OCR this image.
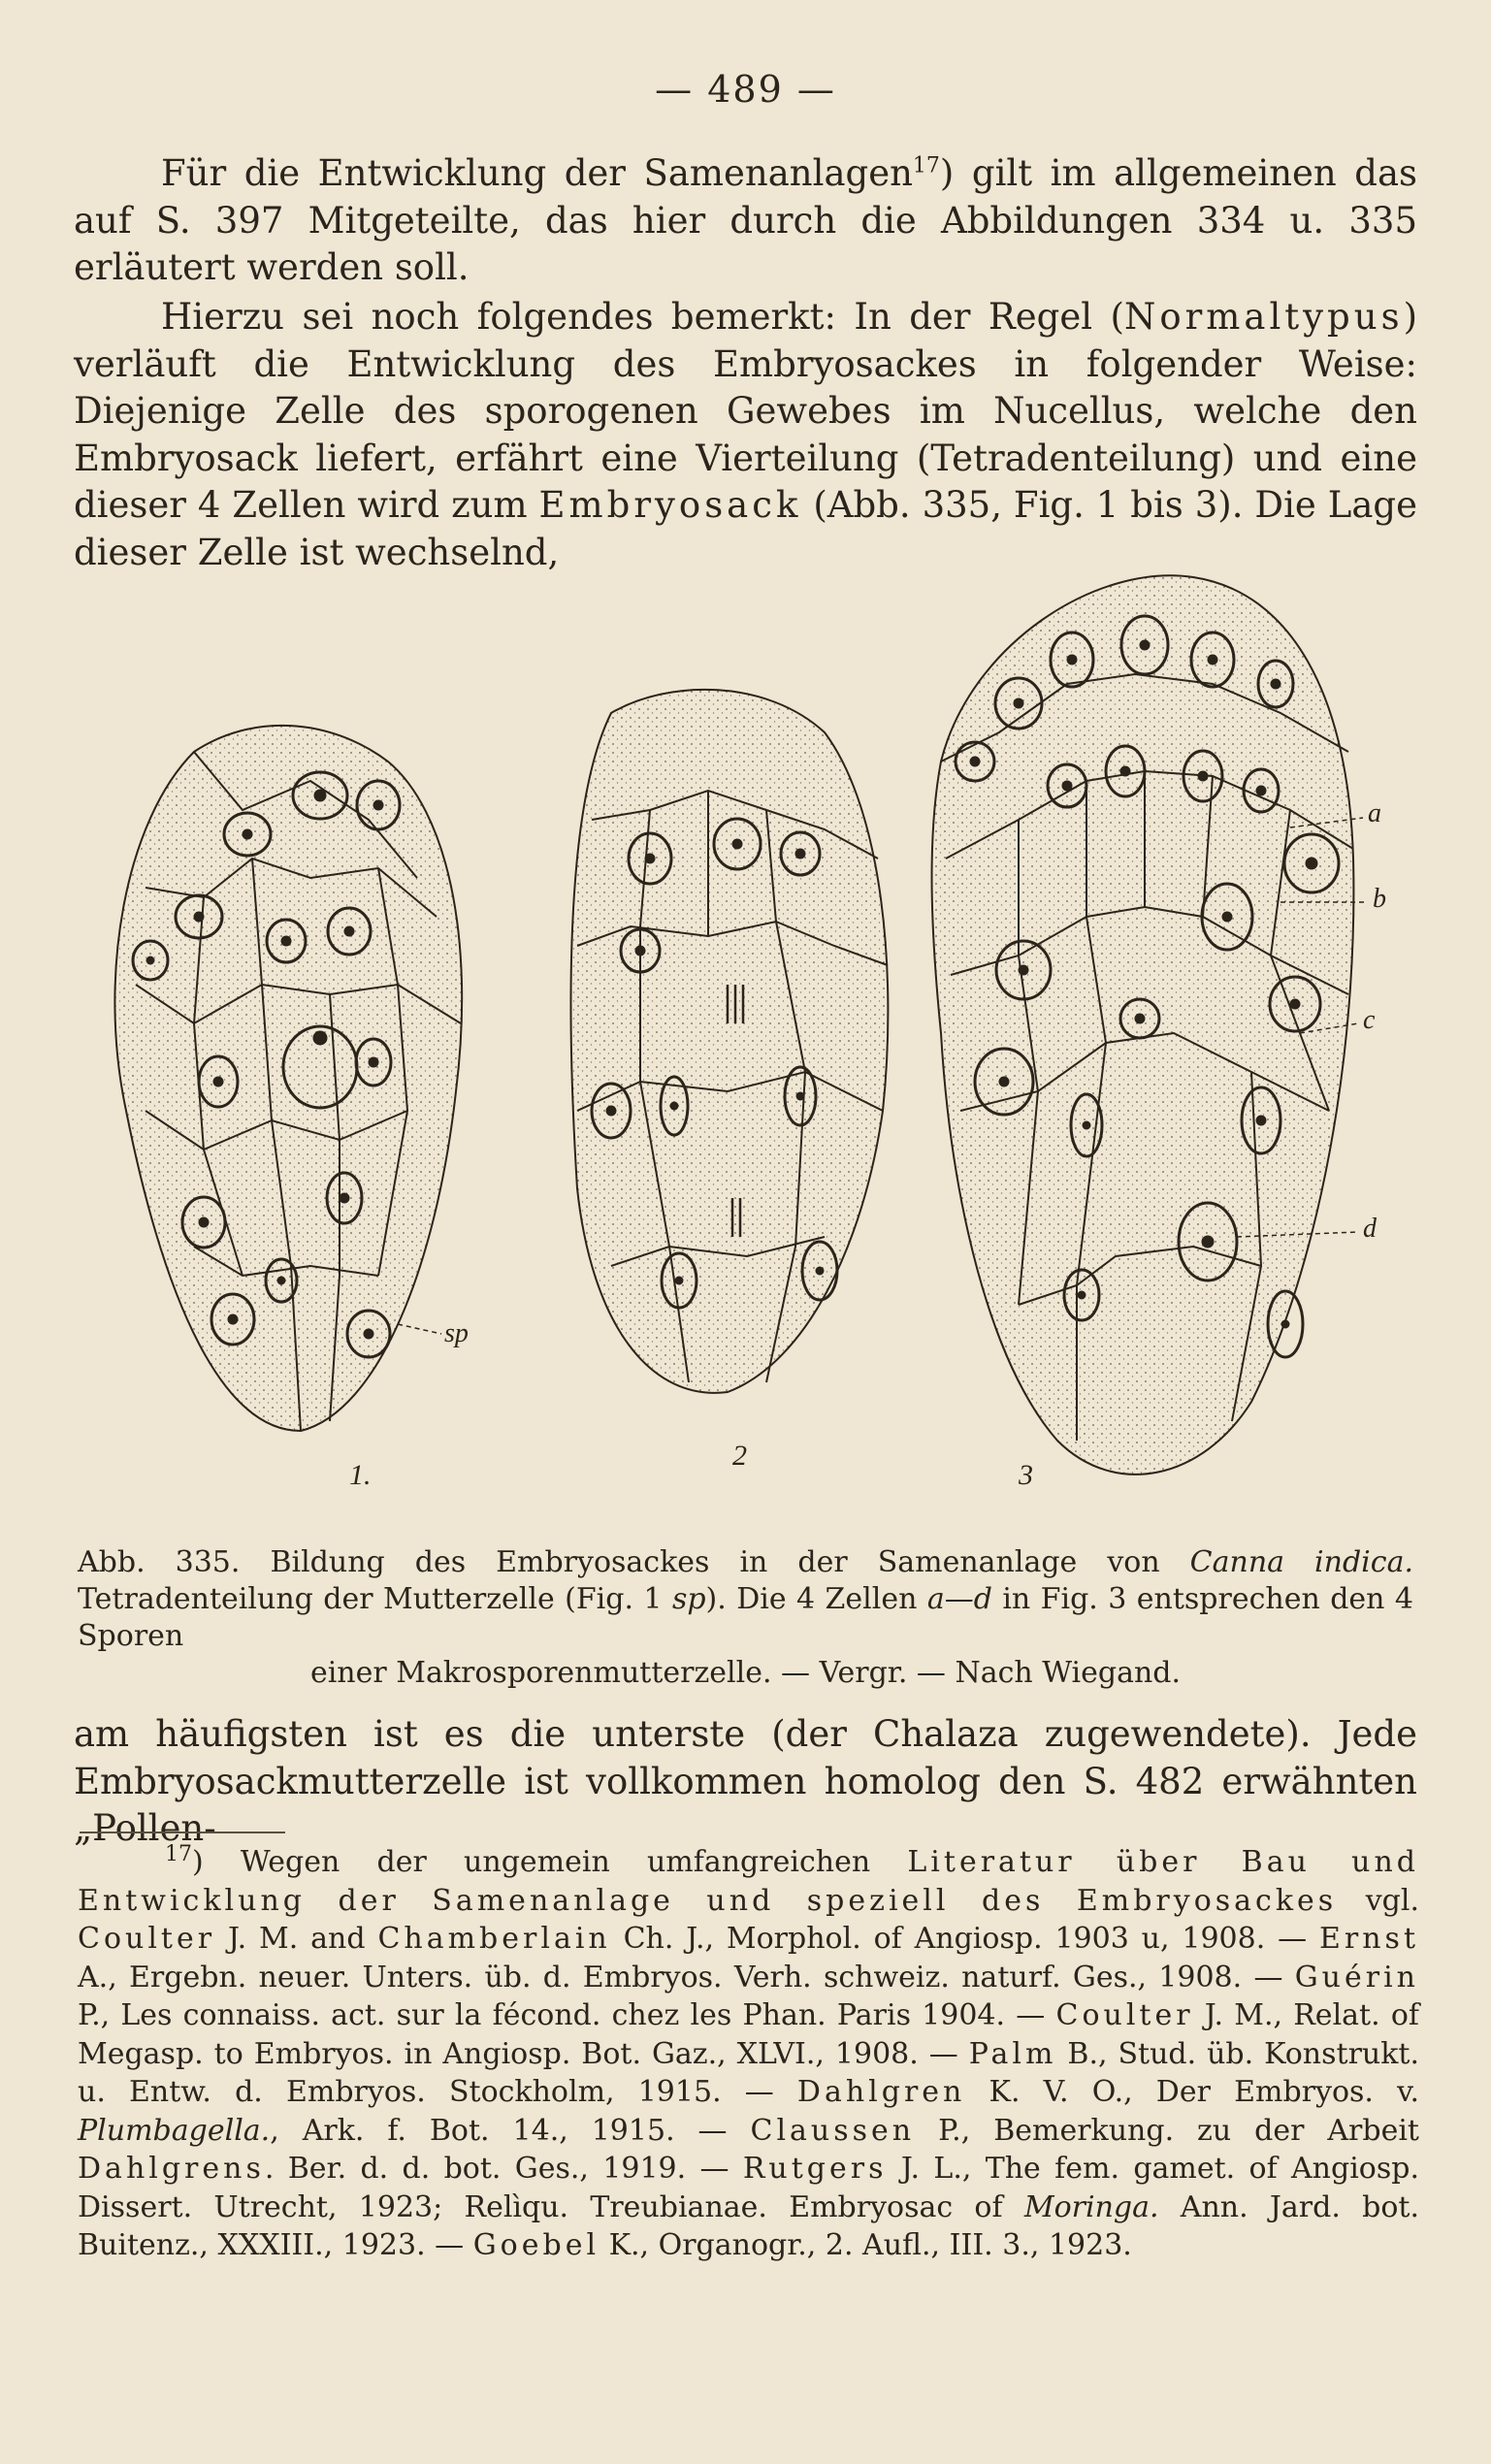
— 489 —

Für die Entwicklung der Samenanlagen$^{17}$) gilt im allgemeinen das auf S. 397 Mitgeteilte, das hier durch die Abbildungen 334 u. 335 erläutert werden soll.

Hierzu sei noch folgendes bemerkt: In der Regel (Normaltypus) verläuft die Entwicklung des Embryosackes in folgender Weise: Diejenige Zelle des sporogenen Gewebes im Nucellus, welche den Embryosack liefert, erfährt eine Vierteilung (Tetradenteilung) und eine dieser 4 Zellen wird zum Embryosack (Abb. 335, Fig. 1 bis 3). Die Lage dieser Zelle ist wechselnd,

sp
1.
2
a
b
c
d
3

Abb. 335. Bildung des Embryosackes in der Samenanlage von Canna indica. Tetradenteilung der Mutterzelle (Fig. 1 sp). Die 4 Zellen a—d in Fig. 3 entsprechen den 4 Sporen
einer Makrosporenmutterzelle. — Vergr. — Nach Wiegand.

am häufigsten ist es die unterste (der Chalaza zugewendete). Jede Embryosackmutterzelle ist vollkommen homolog den S. 482 erwähnten „Pollen-

$^{17}$) Wegen der ungemein umfangreichen Literatur über Bau und Entwicklung der Samenanlage und speziell des Embryosackes vgl. Coulter J. M. and Chamberlain Ch. J., Morphol. of Angiosp. 1903 u, 1908. — Ernst A., Ergebn. neuer. Unters. üb. d. Embryos. Verh. schweiz. naturf. Ges., 1908. — Guérin P., Les connaiss. act. sur la fécond. chez les Phan. Paris 1904. — Coulter J. M., Relat. of Megasp. to Embryos. in Angiosp. Bot. Gaz., XLVI., 1908. — Palm B., Stud. üb. Konstrukt. u. Entw. d. Embryos. Stockholm, 1915. — Dahlgren K. V. O., Der Embryos. v. Plumbagella., Ark. f. Bot. 14., 1915. — Claussen P., Bemerkung. zu der Arbeit Dahlgrens. Ber. d. d. bot. Ges., 1919. — Rutgers J. L., The fem. gamet. of Angiosp. Dissert. Utrecht, 1923; Relìqu. Treubianae. Embryosac of Moringa. Ann. Jard. bot. Buitenz., XXXIII., 1923. — Goebel K., Organogr., 2. Aufl., III. 3., 1923.
